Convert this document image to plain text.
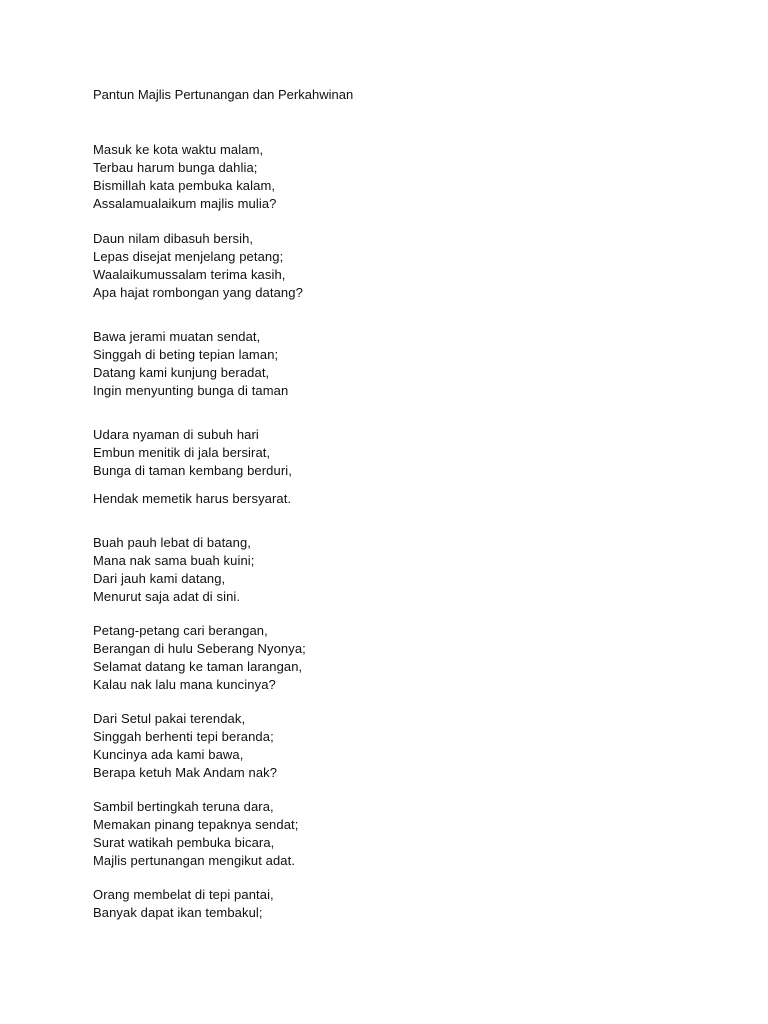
Pantun Majlis Pertunangan dan Perkahwinan
Masuk ke kota waktu malam,
Terbau harum bunga dahlia;
Bismillah kata pembuka kalam,
Assalamualaikum majlis mulia?
Daun nilam dibasuh bersih,
Lepas disejat menjelang petang;
Waalaikumussalam terima kasih,
Apa hajat rombongan yang datang?
Bawa jerami muatan sendat,
Singgah di beting tepian laman;
Datang kami kunjung beradat,
Ingin menyunting bunga di taman
Udara nyaman di subuh hari
Embun menitik di jala bersirat,
Bunga di taman kembang berduri,
Hendak memetik harus bersyarat.
Buah pauh lebat di batang,
Mana nak sama buah kuini;
Dari jauh kami datang,
Menurut saja adat di sini.
Petang-petang cari berangan,
Berangan di hulu Seberang Nyonya;
Selamat datang ke taman larangan,
Kalau nak lalu mana kuncinya?
Dari Setul pakai terendak,
Singgah berhenti tepi beranda;
Kuncinya ada kami bawa,
Berapa ketuh Mak Andam nak?
Sambil bertingkah teruna dara,
Memakan pinang tepaknya sendat;
Surat watikah pembuka bicara,
Majlis pertunangan mengikut adat.
Orang membelat di tepi pantai,
Banyak dapat ikan tembakul;
